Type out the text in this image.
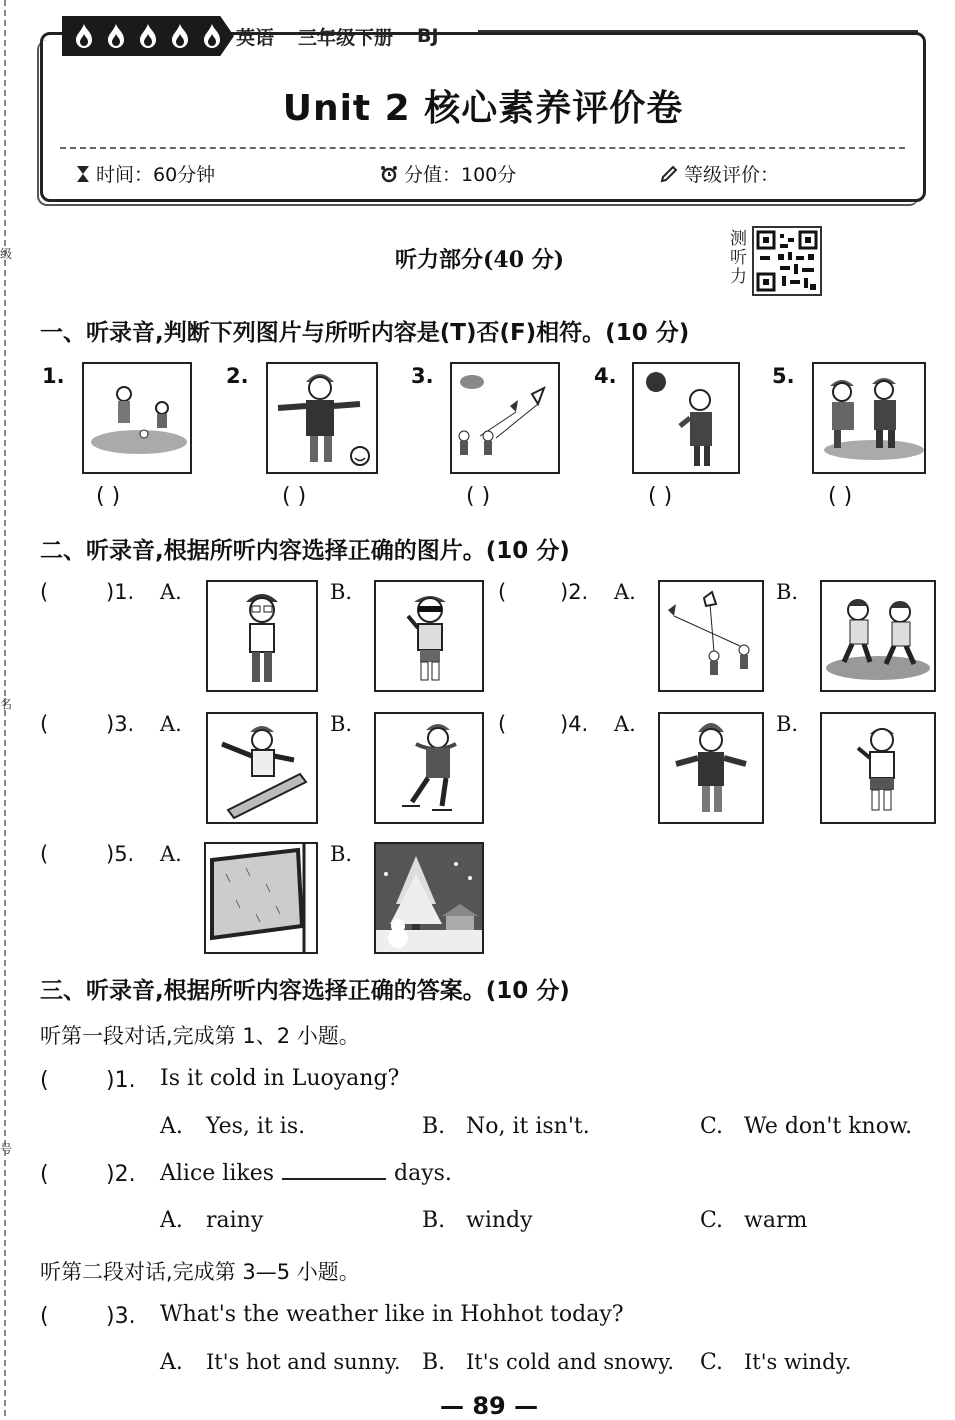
级
名
号
英语 三年级下册 BJ
Unit 2 核心素养评价卷
时间：60分钟	分值：100分	等级评价：
听力部分(40 分)
测听力
一、听录音,判断下列图片与所听内容是(T)否(F)相符。(10 分)
1.
( )
2.
( )
3.
( )
4.
( )
5.
( )
二、听录音,根据所听内容选择正确的图片。(10 分)
(	)1. A.	B.	(	)2. A.	B.
(	)3. A.	B.	(	)4. A.	B.
(	)5. A.	B.
三、听录音,根据所听内容选择正确的答案。(10 分)
听第一段对话,完成第 1、2 小题。
(	)1. Is it cold in Luoyang?
A. Yes, it is.	B. No, it isn't.	C. We don't know.
(	)2. Alice likes	days.
A. rainy	B. windy	C. warm
听第二段对话,完成第 3—5 小题。
(	)3. What's the weather like in Hohhot today?
A. It's hot and sunny. B. It's cold and snowy. C. It's windy.
— 89 —
